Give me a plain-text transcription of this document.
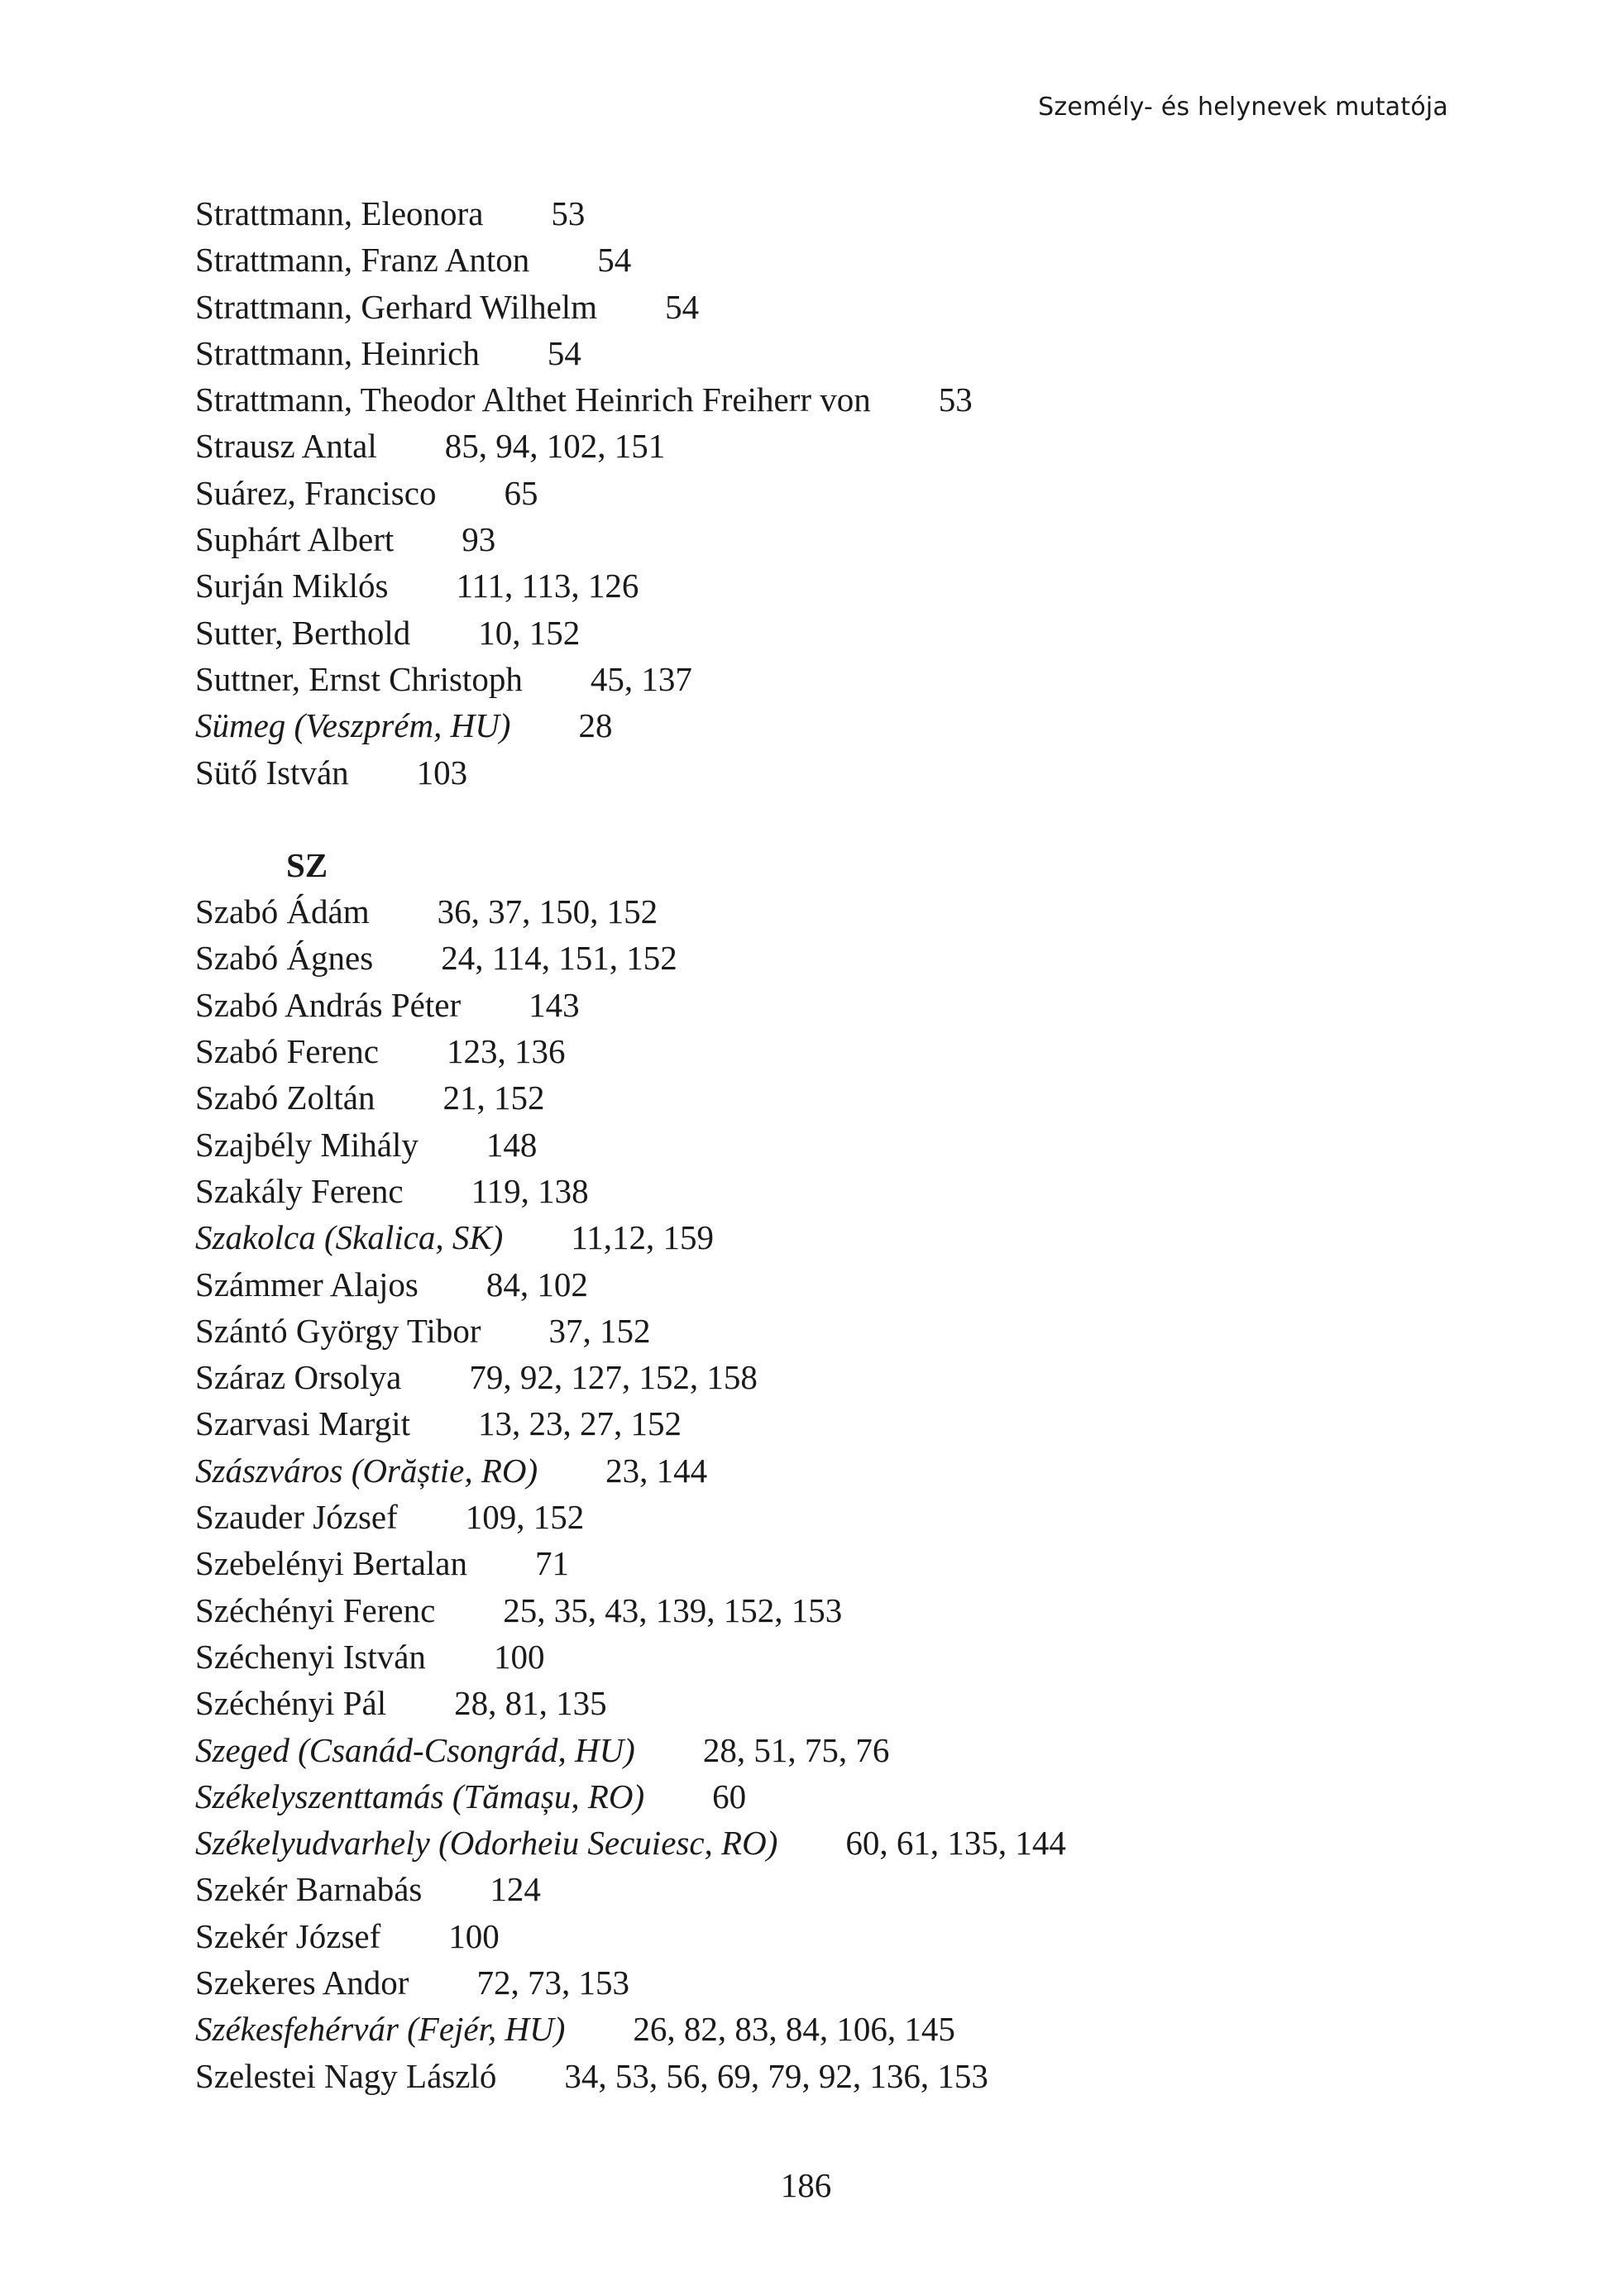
Személy- és helynevek mutatója
Strattmann, Eleonora 53
Strattmann, Franz Anton 54
Strattmann, Gerhard Wilhelm 54
Strattmann, Heinrich 54
Strattmann, Theodor Althet Heinrich Freiherr von 53
Strausz Antal 85, 94, 102, 151
Suárez, Francisco 65
Suphárt Albert 93
Surján Miklós 111, 113, 126
Sutter, Berthold 10, 152
Suttner, Ernst Christoph 45, 137
Sümeg (Veszprém, HU) 28
Sütő István 103
SZ
Szabó Ádám 36, 37, 150, 152
Szabó Ágnes 24, 114, 151, 152
Szabó András Péter 143
Szabó Ferenc 123, 136
Szabó Zoltán 21, 152
Szajbély Mihály 148
Szakály Ferenc 119, 138
Szakolca (Skalica, SK) 11,12, 159
Számmer Alajos 84, 102
Szántó György Tibor 37, 152
Száraz Orsolya 79, 92, 127, 152, 158
Szarvasi Margit 13, 23, 27, 152
Szászváros (Orăștie, RO) 23, 144
Szauder József 109, 152
Szebelényi Bertalan 71
Széchényi Ferenc 25, 35, 43, 139, 152, 153
Széchenyi István 100
Széchényi Pál 28, 81, 135
Szeged (Csanád-Csongrád, HU) 28, 51, 75, 76
Székelyszenttamás (Tămașu, RO) 60
Székelyudvarhely (Odorheiu Secuiesc, RO) 60, 61, 135, 144
Szekér Barnabás 124
Szekér József 100
Szekeres Andor 72, 73, 153
Székesfehérvár (Fejér, HU) 26, 82, 83, 84, 106, 145
Szelestei Nagy László 34, 53, 56, 69, 79, 92, 136, 153
186
